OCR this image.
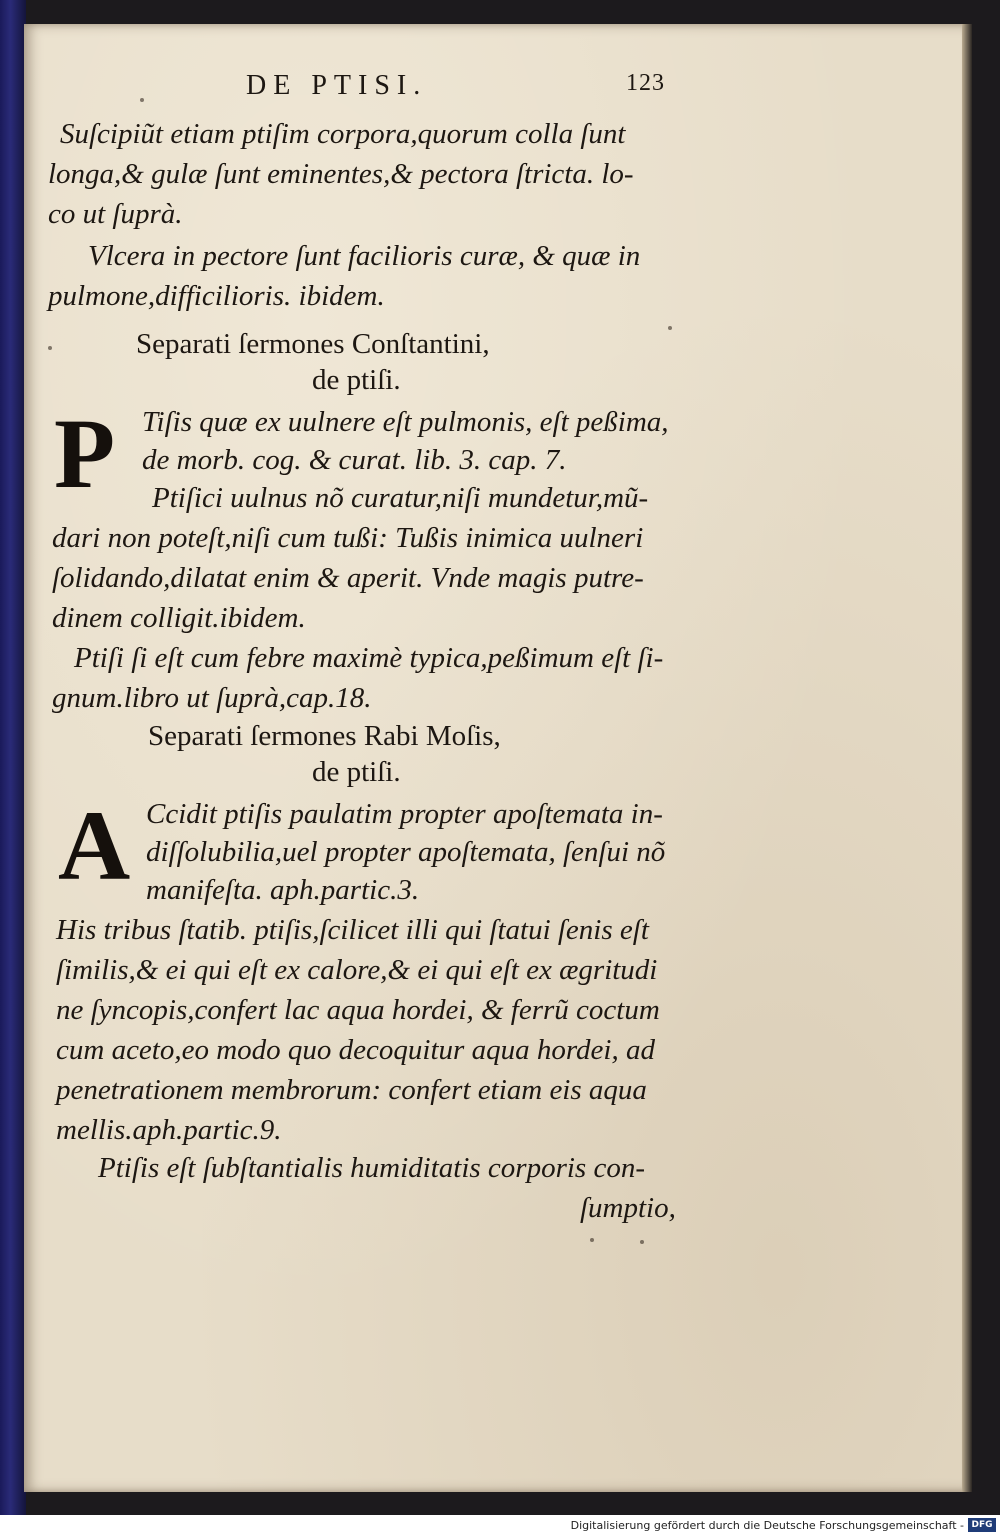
DE PTISI.	123
Suſcipiũt etiam ptiſim corpora,quorum colla ſunt
longa,& gulæ ſunt eminentes,& pectora ſtricta. lo-
co ut ſuprà.
Vlcera in pectore ſunt facilioris curæ, & quæ in
pulmone,difficilioris. ibidem.
Separati ſermones Conſtantini,
de ptiſi.
P Tiſis quæ ex uulnere eſt pulmonis, eſt peßima,
de morb. cog. & curat. lib. 3. cap. 7.
Ptiſici uulnus nõ curatur,niſi mundetur,mũ-
dari non poteſt,niſi cum tußi: Tußis inimica uulneri
ſolidando,dilatat enim & aperit. Vnde magis putre-
dinem colligit.ibidem.
Ptiſi ſi eſt cum febre maximè typica,peßimum eſt ſi-
gnum.libro ut ſuprà,cap.18.
Separati ſermones Rabi Moſis,
de ptiſi.
A Ccidit ptiſis paulatim propter apoſtemata in-
diſſolubilia,uel propter apoſtemata, ſenſui nõ
manifeſta. aph.partic.3.
His tribus ſtatib. ptiſis,ſcilicet illi qui ſtatui ſenis eſt
ſimilis,& ei qui eſt ex calore,& ei qui eſt ex ægritudi
ne ſyncopis,confert lac aqua hordei, & ferrũ coctum
cum aceto,eo modo quo decoquitur aqua hordei, ad
penetrationem membrorum: confert etiam eis aqua
mellis.aph.partic.9.
Ptiſis eſt ſubſtantialis humiditatis corporis con-
ſumptio,
Digitalisierung gefördert durch die Deutsche Forschungsgemeinschaft - DFG
